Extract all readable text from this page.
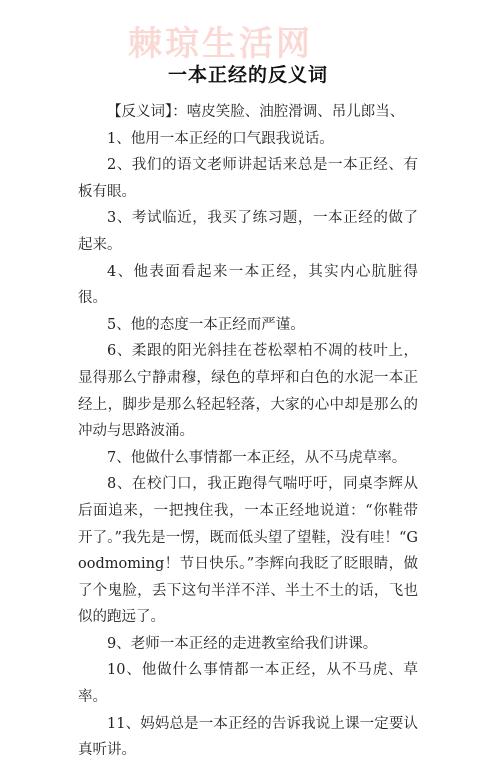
棘琼生活网
一本正经的反义词

【反义词】：嘻皮笑脸、油腔滑调、吊儿郎当、

1、他用一本正经的口气跟我说话。

2、我们的语文老师讲起话来总是一本正经、有板有眼。

3、考试临近，我买了练习题，一本正经的做了起来。

4、他表面看起来一本正经，其实内心肮脏得很。

5、他的态度一本正经而严谨。

6、柔跟的阳光斜挂在苍松翠柏不凋的枝叶上，显得那么宁静肃穆，绿色的草坪和白色的水泥一本正经上，脚步是那么轻起轻落，大家的心中却是那么的冲动与思路波涌。

7、他做什么事情都一本正经，从不马虎草率。

8、在校门口，我正跑得气喘吁吁，同桌李辉从后面追来，一把拽住我，一本正经地说道：“你鞋带开了。”我先是一愣，既而低头望了望鞋，没有哇！“Goodmoming！节日快乐。”李辉向我眨了眨眼睛，做了个鬼脸，丢下这句半洋不洋、半土不土的话，飞也似的跑远了。

9、老师一本正经的走进教室给我们讲课。

10、他做什么事情都一本正经，从不马虎、草率。

11、妈妈总是一本正经的告诉我说上课一定要认真听讲。
